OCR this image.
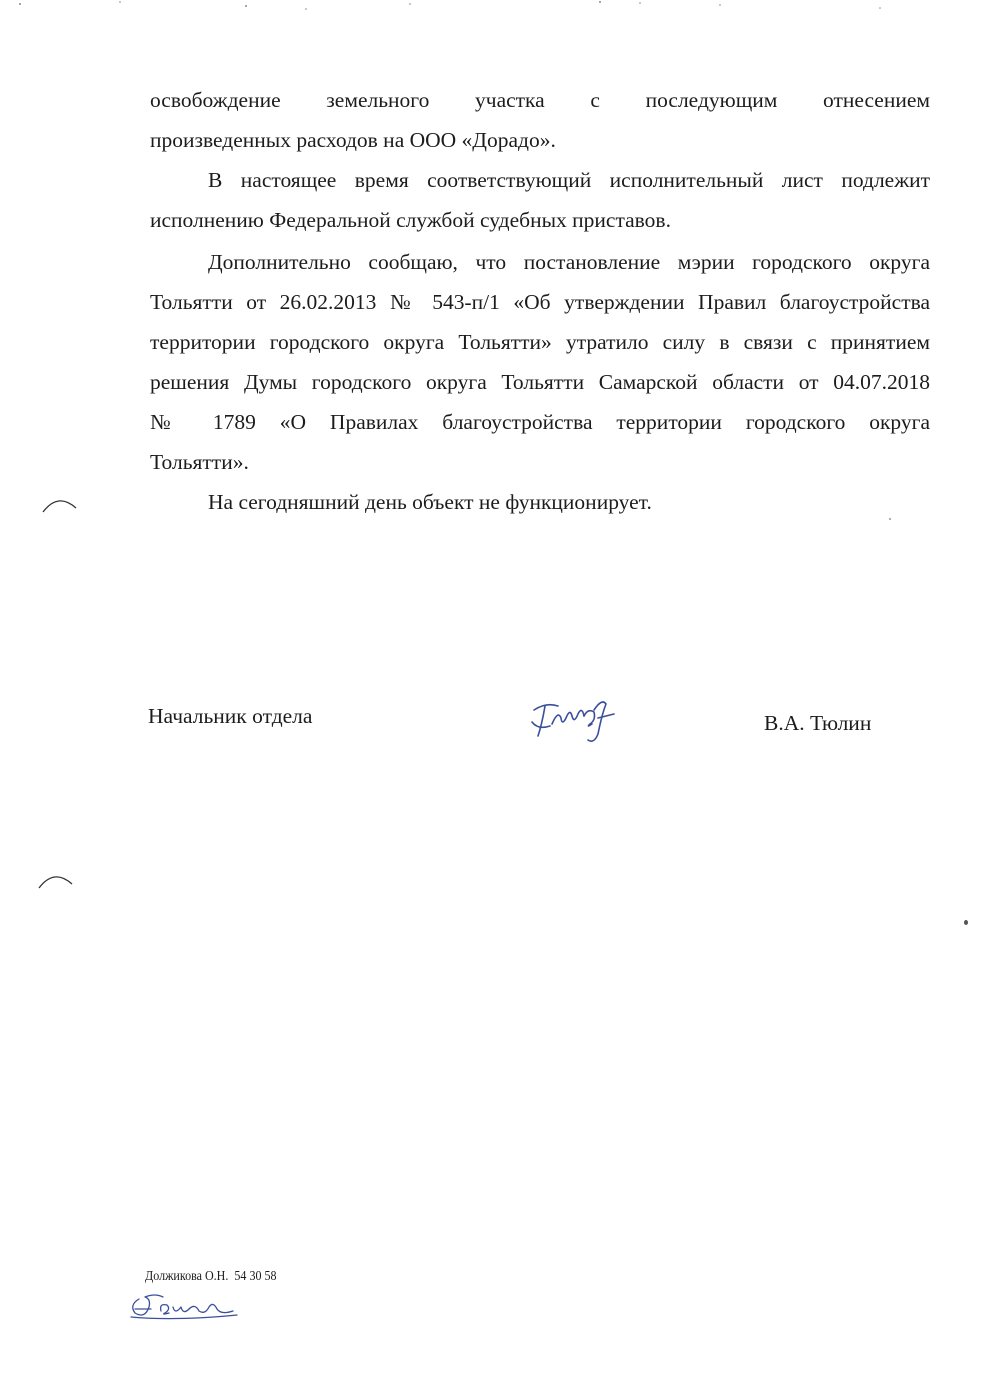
освобождение земельного участка с последующим отнесением
произведенных расходов на ООО «Дорадо».
В настоящее время соответствующий исполнительный лист подлежит
исполнению Федеральной службой судебных приставов.
Дополнительно сообщаю, что постановление мэрии городского округа
Тольятти от 26.02.2013 № 543-п/1 «Об утверждении Правил благоустройства
территории городского округа Тольятти» утратило силу в связи с принятием
решения Думы городского округа Тольятти Самарской области от 04.07.2018
№ 1789 «О Правилах благоустройства территории городского округа
Тольятти».
На сегодняшний день объект не функционирует.
Начальник отдела	В.А. Тюлин
Должикова О.Н.  54 30 58
